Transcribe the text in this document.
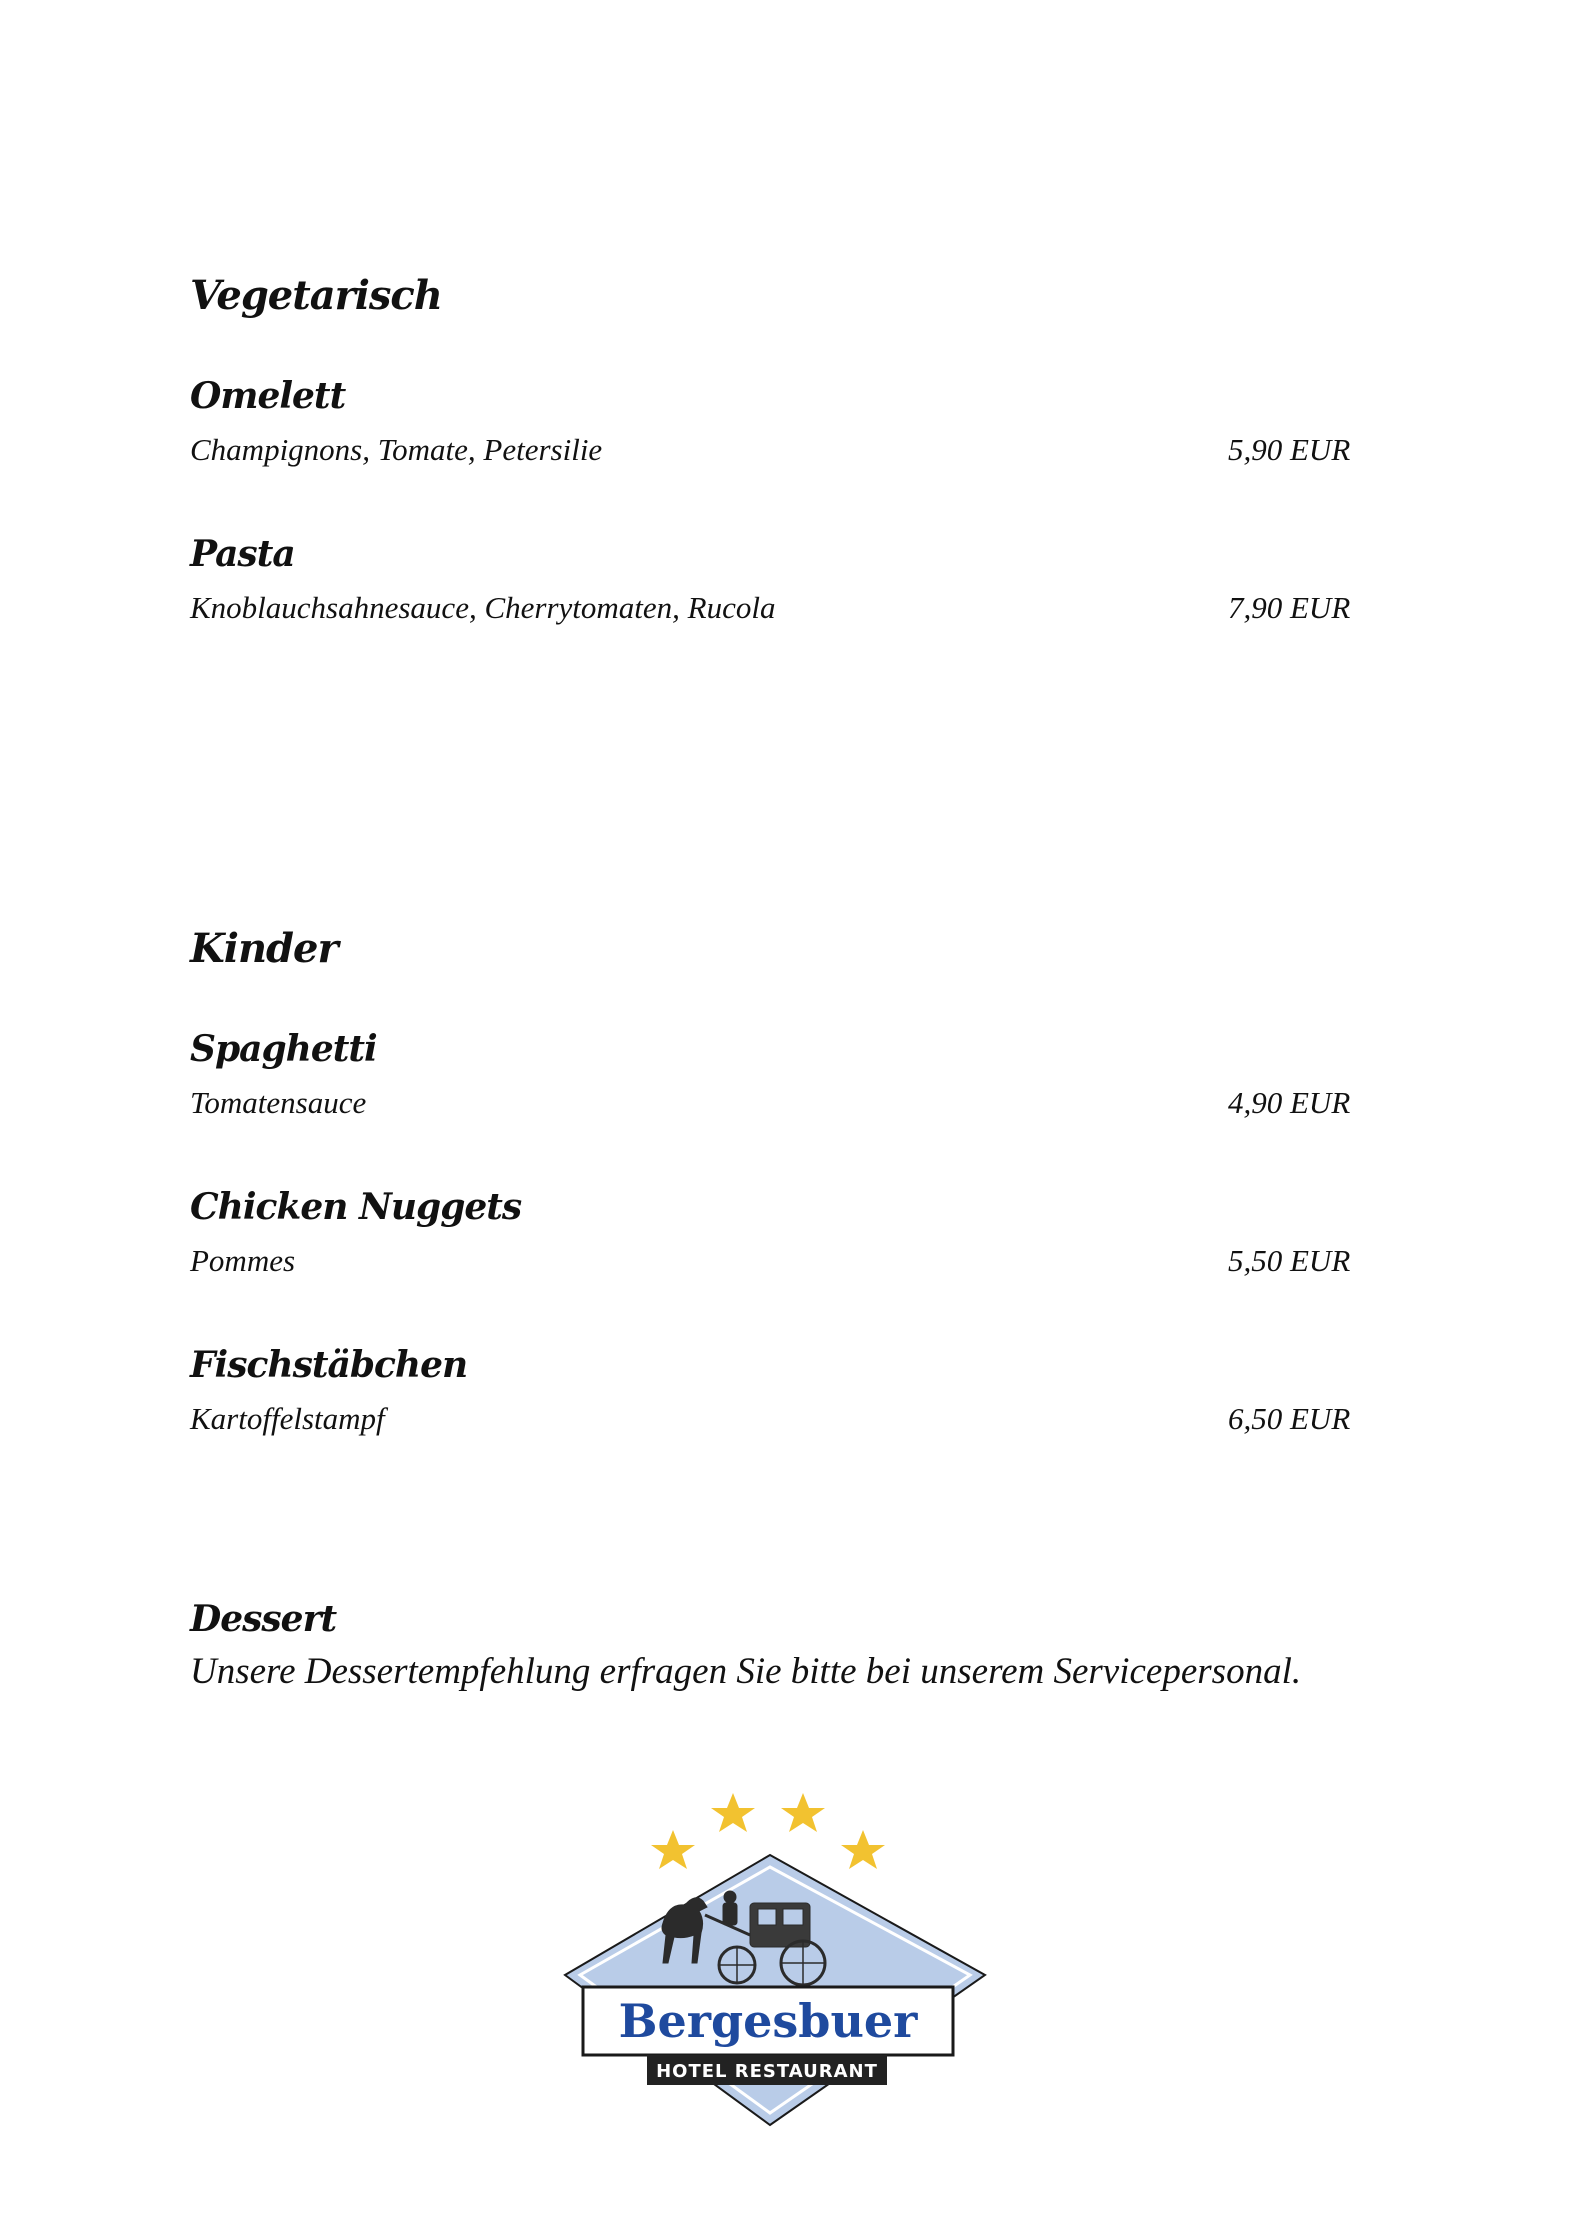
Vegetarisch
Omelett

Champignons, Tomate, Petersilie	5,90 EUR

Pasta

Knoblauchsahnesauce, Cherrytomaten, Rucola	7,90 EUR

Kinder
Spaghetti

Tomatensauce	4,90 EUR

Chicken Nuggets

Pommes	5,50 EUR

Fischstäbchen

Kartoffelstampf	6,50 EUR

Dessert

Unsere Dessertempfehlung erfragen Sie bitte bei unserem Servicepersonal.

Bergesbuer
HOTEL RESTAURANT
